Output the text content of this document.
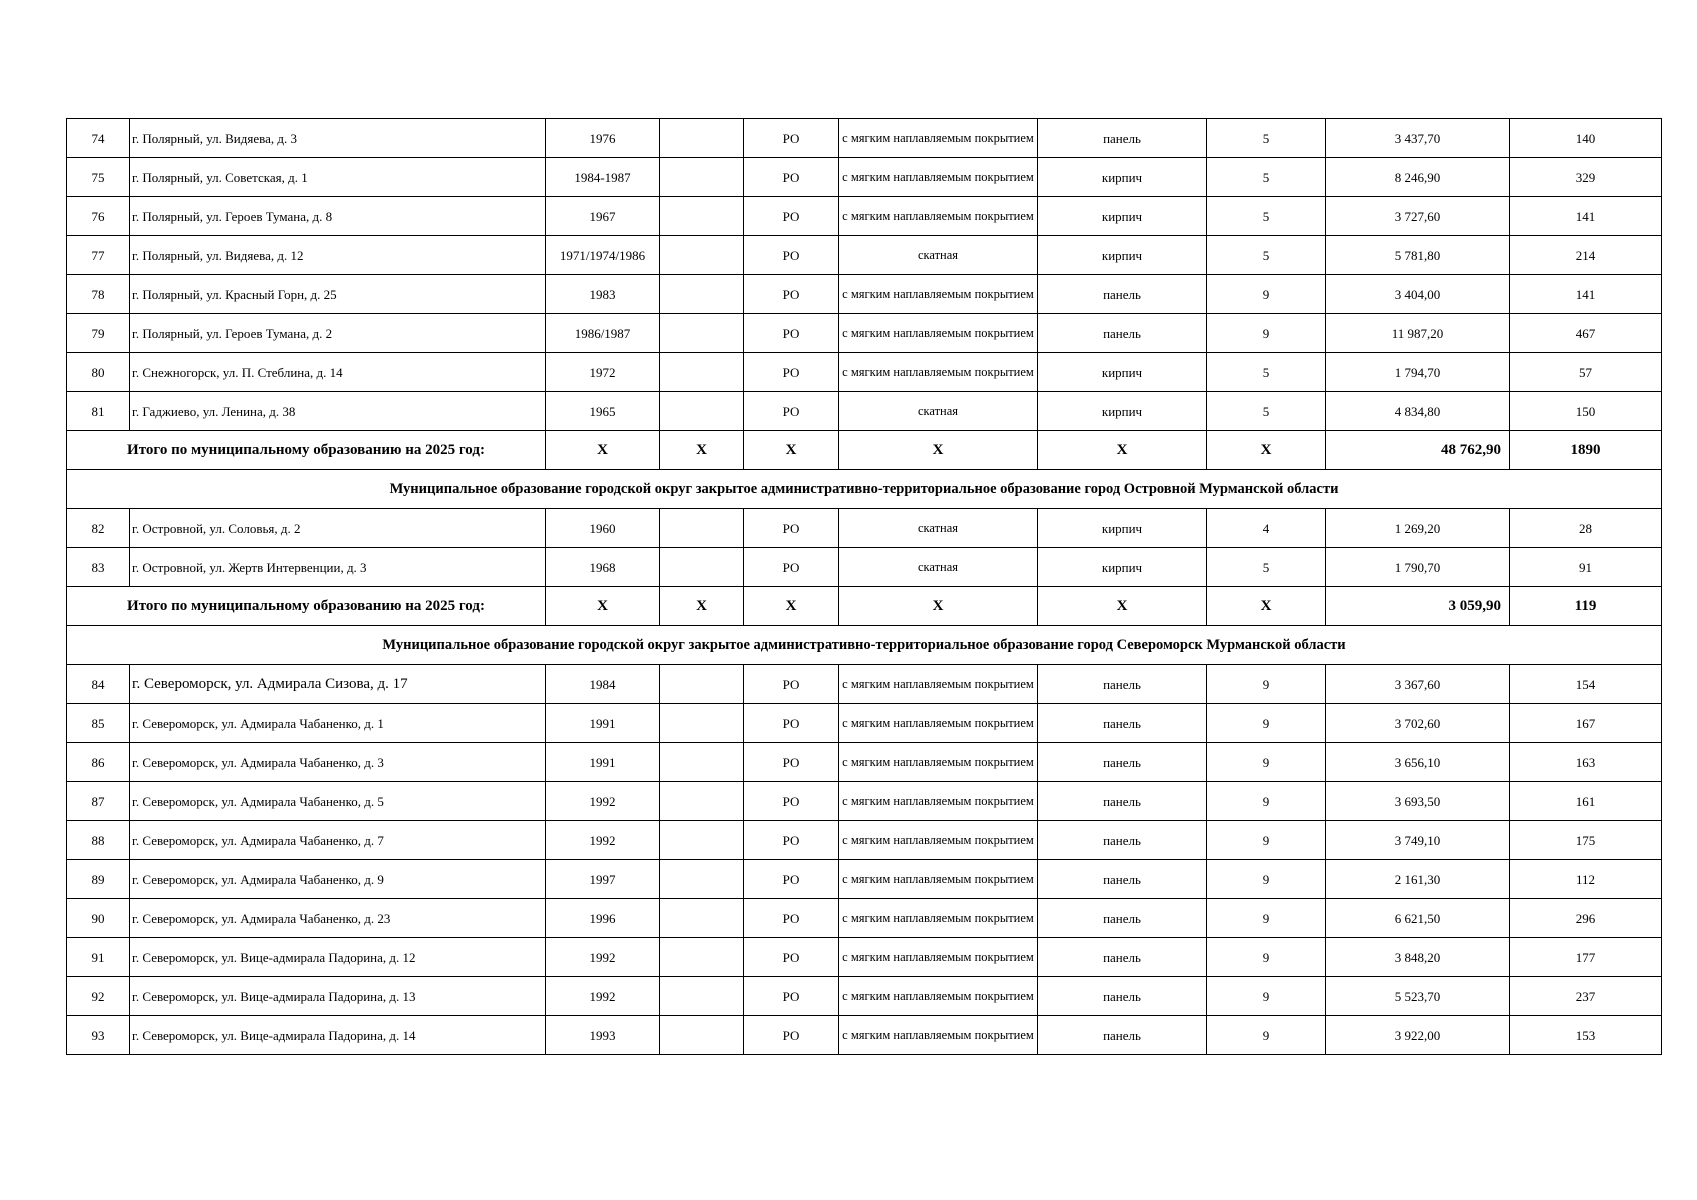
74	г. Полярный, ул. Видяева, д. 3	1976		РО	с мягким наплавляемым покрытием	панель	5	3 437,70	140
75	г. Полярный, ул. Советская, д. 1	1984-1987		РО	с мягким наплавляемым покрытием	кирпич	5	8 246,90	329
76	г. Полярный, ул. Героев Тумана, д. 8	1967		РО	с мягким наплавляемым покрытием	кирпич	5	3 727,60	141
77	г. Полярный, ул. Видяева, д. 12	1971/1974/1986		РО	скатная	кирпич	5	5 781,80	214
78	г. Полярный, ул. Красный Горн, д. 25	1983		РО	с мягким наплавляемым покрытием	панель	9	3 404,00	141
79	г. Полярный, ул. Героев Тумана, д. 2	1986/1987		РО	с мягким наплавляемым покрытием	панель	9	11 987,20	467
80	г. Снежногорск, ул. П. Стеблина, д. 14	1972		РО	с мягким наплавляемым покрытием	кирпич	5	1 794,70	57
81	г. Гаджиево, ул. Ленина, д. 38	1965		РО	скатная	кирпич	5	4 834,80	150
Итого по муниципальному образованию на 2025 год:		X	X	X	X	X	X	48 762,90	1890
Муниципальное образование городской округ закрытое административно-территориальное образование город Островной Мурманской области									
82	г. Островной, ул. Соловья, д. 2	1960		РО	скатная	кирпич	4	1 269,20	28
83	г. Островной, ул. Жертв Интервенции, д. 3	1968		РО	скатная	кирпич	5	1 790,70	91
Итого по муниципальному образованию на 2025 год:		X	X	X	X	X	X	3 059,90	119
Муниципальное образование городской округ закрытое административно-территориальное образование город Североморск Мурманской области									
84	г. Североморск, ул. Адмирала Сизова, д. 17	1984		РО	с мягким наплавляемым покрытием	панель	9	3 367,60	154
85	г. Североморск, ул. Адмирала Чабаненко, д. 1	1991		РО	с мягким наплавляемым покрытием	панель	9	3 702,60	167
86	г. Североморск, ул. Адмирала Чабаненко, д. 3	1991		РО	с мягким наплавляемым покрытием	панель	9	3 656,10	163
87	г. Североморск, ул. Адмирала Чабаненко, д. 5	1992		РО	с мягким наплавляемым покрытием	панель	9	3 693,50	161
88	г. Североморск, ул. Адмирала Чабаненко, д. 7	1992		РО	с мягким наплавляемым покрытием	панель	9	3 749,10	175
89	г. Североморск, ул. Адмирала Чабаненко, д. 9	1997		РО	с мягким наплавляемым покрытием	панель	9	2 161,30	112
90	г. Североморск, ул. Адмирала Чабаненко, д. 23	1996		РО	с мягким наплавляемым покрытием	панель	9	6 621,50	296
91	г. Североморск, ул. Вице-адмирала Падорина, д. 12	1992		РО	с мягким наплавляемым покрытием	панель	9	3 848,20	177
92	г. Североморск, ул. Вице-адмирала Падорина, д. 13	1992		РО	с мягким наплавляемым покрытием	панель	9	5 523,70	237
93	г. Североморск, ул. Вице-адмирала Падорина, д. 14	1993		РО	с мягким наплавляемым покрытием	панель	9	3 922,00	153
